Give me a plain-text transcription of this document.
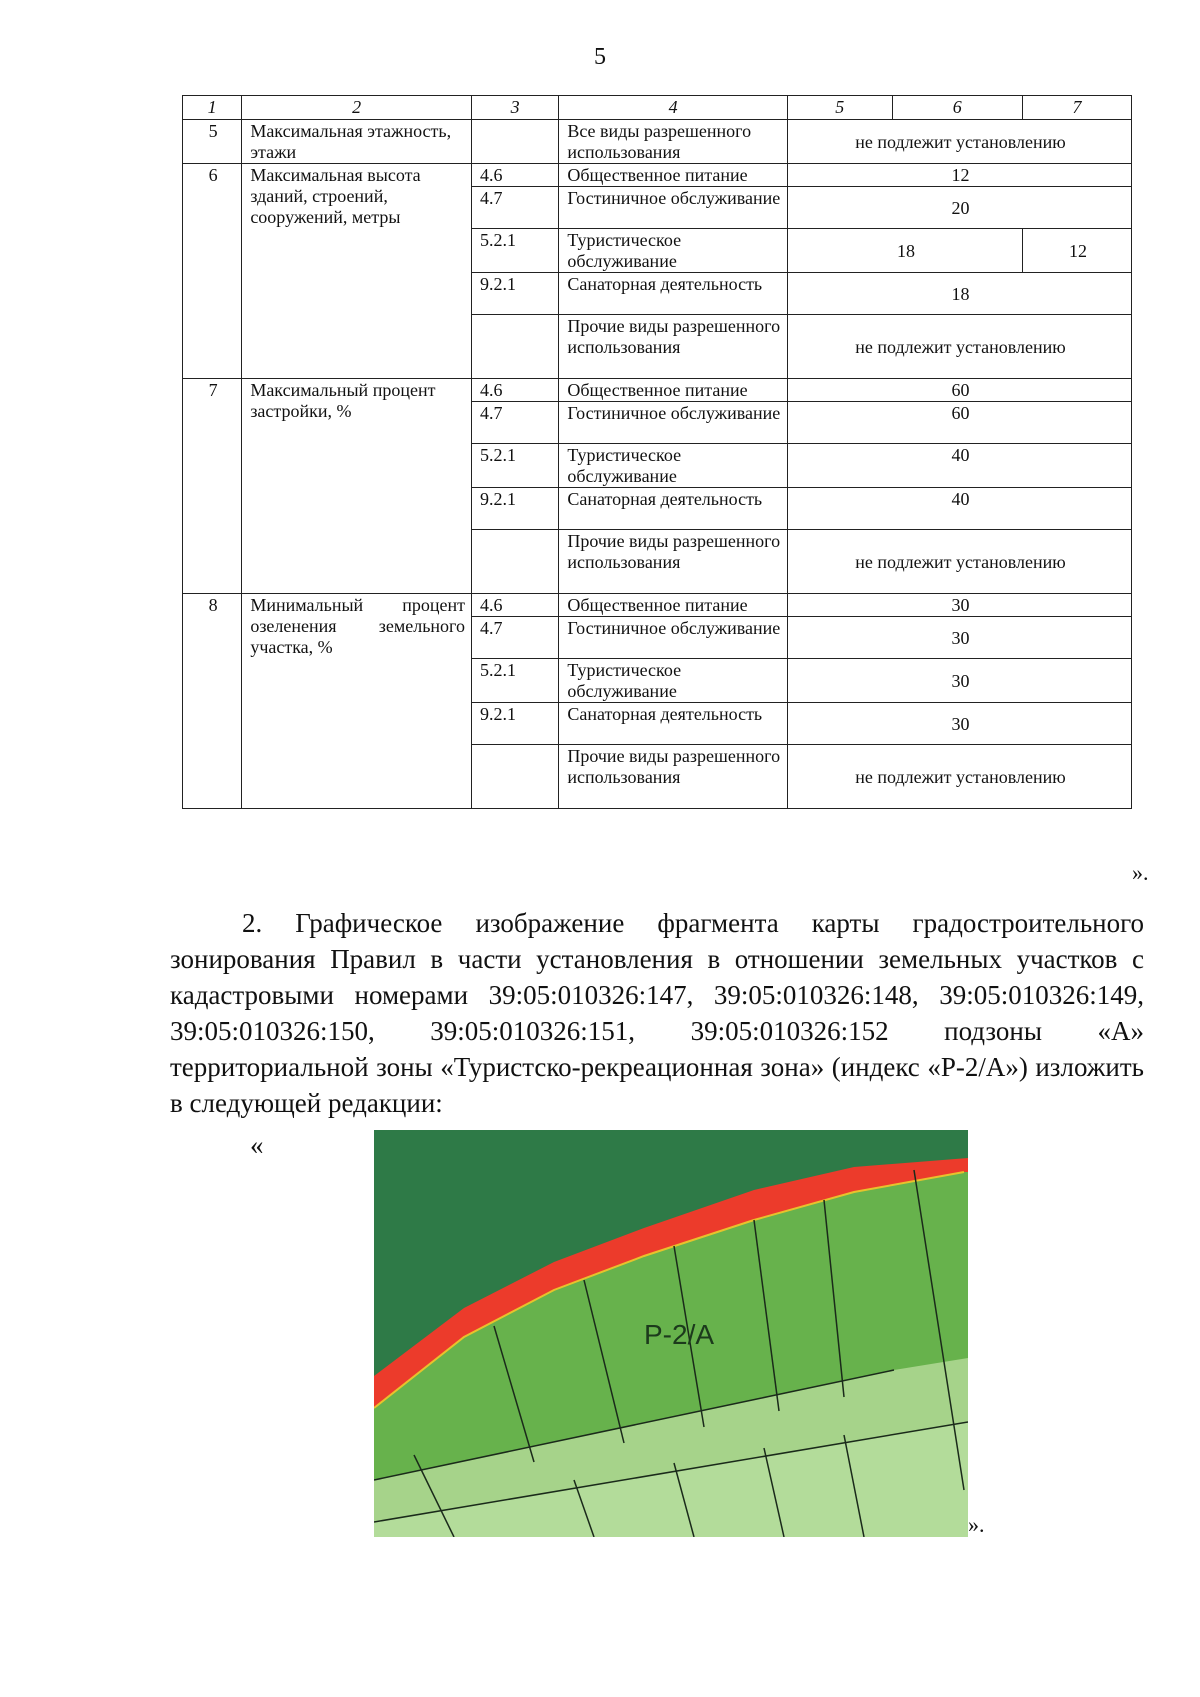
5
1	2	3	4	5	6	7
5	Максимальная этажность, этажи		Все виды разрешенного использования	не подлежит установлению		
6	Максимальная высота зданий, строений, сооружений, метры	4.6	Общественное питание	12		
		4.7	Гостиничное обслуживание	20		
		5.2.1	Туристическое обслуживание	18		12
		9.2.1	Санаторная деятельность	18		
			Прочие виды разрешенного использования	не подлежит установлению		
7	Максимальный процент застройки, %	4.6	Общественное питание	60		
		4.7	Гостиничное обслуживание	60		
		5.2.1	Туристическое обслуживание	40		
		9.2.1	Санаторная деятельность	40		
			Прочие виды разрешенного использования	не подлежит установлению		
8	Минимальный процент озеленения земельного участка, %	4.6	Общественное питание	30		
		4.7	Гостиничное обслуживание	30		
		5.2.1	Туристическое обслуживание	30		
		9.2.1	Санаторная деятельность	30		
			Прочие виды разрешенного использования	не подлежит установлению		
».

2. Графическое изображение фрагмента карты градостроительного зонирования Правил в части установления в отношении земельных участков с кадастровыми номерами 39:05:010326:147, 39:05:010326:148, 39:05:010326:149, 39:05:010326:150, 39:05:010326:151, 39:05:010326:152 подзоны «А» территориальной зоны «Туристско-рекреационная зона» (индекс «Р-2/А») изложить в следующей редакции:

«
Р-2/А
».
